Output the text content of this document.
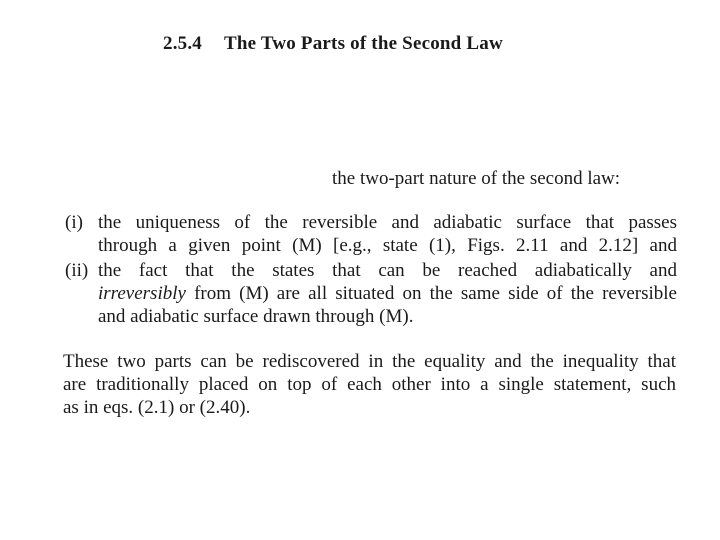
2.5.4 The Two Parts of the Second Law
the two-part nature of the second law:
(i) the uniqueness of the reversible and adiabatic surface that passes
through a given point (M) [e.g., state (1), Figs. 2.11 and 2.12] and
(ii) the fact that the states that can be reached adiabatically and
irreversibly from (M) are all situated on the same side of the reversible
and adiabatic surface drawn through (M).
These two parts can be rediscovered in the equality and the inequality that
are traditionally placed on top of each other into a single statement, such
as in eqs. (2.1) or (2.40).
